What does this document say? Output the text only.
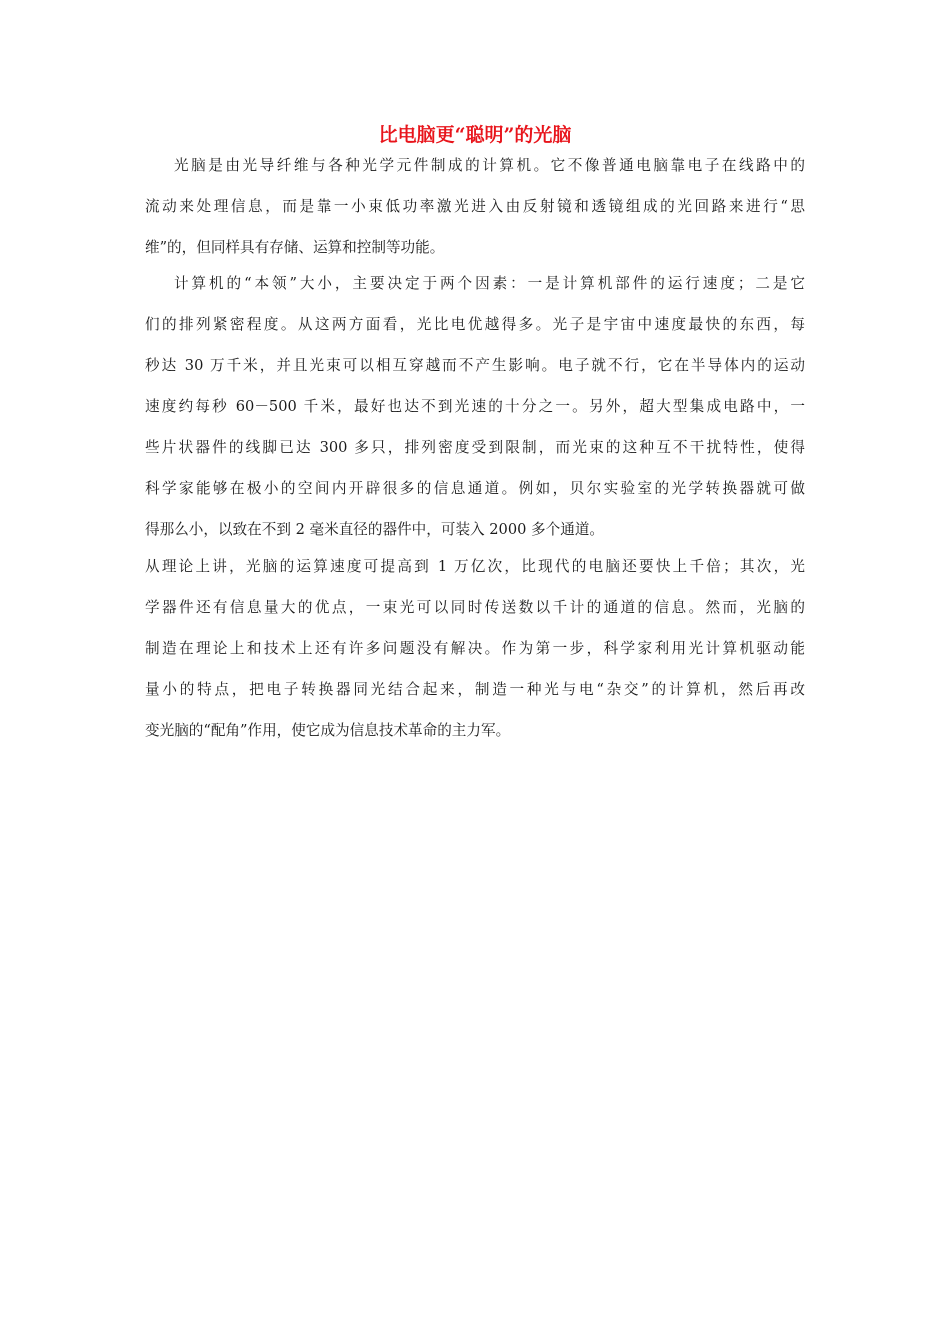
比电脑更“聪明”的光脑
光脑是由光导纤维与各种光学元件制成的计算机。它不像普通电脑靠电子在线路中的
流动来处理信息，而是靠一小束低功率激光进入由反射镜和透镜组成的光回路来进行“思
维”的，但同样具有存储、运算和控制等功能。
计算机的“本领”大小，主要决定于两个因素：一是计算机部件的运行速度；二是它
们的排列紧密程度。从这两方面看，光比电优越得多。光子是宇宙中速度最快的东西，每
秒达 30 万千米，并且光束可以相互穿越而不产生影响。电子就不行，它在半导体内的运动
速度约每秒 60－500 千米，最好也达不到光速的十分之一。另外，超大型集成电路中，一
些片状器件的线脚已达 300 多只，排列密度受到限制，而光束的这种互不干扰特性，使得
科学家能够在极小的空间内开辟很多的信息通道。例如，贝尔实验室的光学转换器就可做
得那么小，以致在不到 2 毫米直径的器件中，可装入 2000 多个通道。
从理论上讲，光脑的运算速度可提高到 1 万亿次，比现代的电脑还要快上千倍；其次，光
学器件还有信息量大的优点，一束光可以同时传送数以千计的通道的信息。然而，光脑的
制造在理论上和技术上还有许多问题没有解决。作为第一步，科学家利用光计算机驱动能
量小的特点，把电子转换器同光结合起来，制造一种光与电“杂交”的计算机，然后再改
变光脑的“配角”作用，使它成为信息技术革命的主力军。
